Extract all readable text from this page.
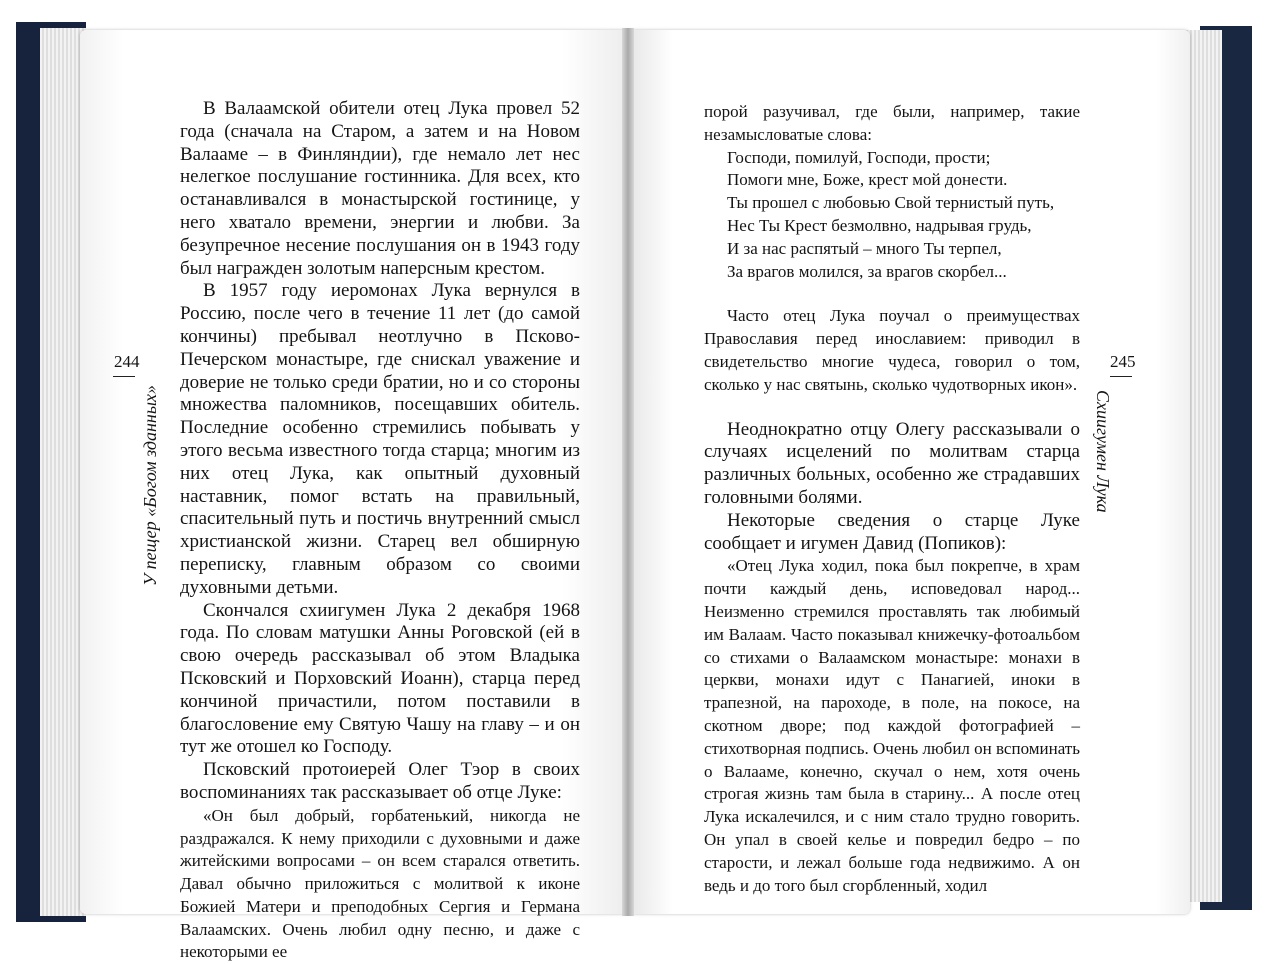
244
У пещер «Богом зданных»

В Валаамской обители отец Лука провел 52 года (сначала на Старом, а затем и на Новом Валааме – в Финляндии), где немало лет нес нелегкое послушание гостинника. Для всех, кто останавливался в монастырской гостинице, у него хватало времени, энергии и любви. За безупречное несение послушания он в 1943 году был награжден золотым наперсным крестом.

В 1957 году иеромонах Лука вернулся в Россию, после чего в течение 11 лет (до самой кончины) пребывал неотлучно в Псково-Печерском монастыре, где снискал уважение и доверие не только среди братии, но и со стороны множества паломников, посещавших обитель. Последние особенно стремились побывать у этого весьма известного тогда старца; многим из них отец Лука, как опытный духовный наставник, помог встать на правильный, спасительный путь и постичь внутренний смысл христианской жизни. Старец вел обширную переписку, главным образом со своими духовными детьми.

Скончался схиигумен Лука 2 декабря 1968 года. По словам матушки Анны Роговской (ей в свою очередь рассказывал об этом Владыка Псковский и Порховский Иоанн), старца перед кончиной причастили, потом поставили в благословение ему Святую Чашу на главу – и он тут же отошел ко Господу.

Псковский протоиерей Олег Тэор в своих воспоминаниях так рассказывает об отце Луке:

«Он был добрый, горбатенький, никогда не раздражался. К нему приходили с духовными и даже житейскими вопросами – он всем старался ответить. Давал обычно приложиться с молитвой к иконе Божией Матери и преподобных Сергия и Германа Валаамских. Очень любил одну песню, и даже с некоторыми ее

245
Схиигумен Лука

порой разучивал, где были, например, такие незамысловатые слова:

Господи, помилуй, Господи, прости;
Помоги мне, Боже, крест мой донести.
Ты прошел с любовью Свой тернистый путь,
Нес Ты Крест безмолвно, надрывая грудь,
И за нас распятый – много Ты терпел,
За врагов молился, за врагов скорбел...

Часто отец Лука поучал о преимуществах Православия перед инославием: приводил в свидетельство многие чудеса, говорил о том, сколько у нас святынь, сколько чудотворных икон».

Неоднократно отцу Олегу рассказывали о случаях исцелений по молитвам старца различных больных, особенно же страдавших головными болями.

Некоторые сведения о старце Луке сообщает и игумен Давид (Попиков):

«Отец Лука ходил, пока был покрепче, в храм почти каждый день, исповедовал народ... Неизменно стремился проставлять так любимый им Валаам. Часто показывал книжечку-фотоальбом со стихами о Валаамском монастыре: монахи в церкви, монахи идут с Панагией, иноки в трапезной, на пароходе, в поле, на покосе, на скотном дворе; под каждой фотографией – стихотворная подпись. Очень любил он вспоминать о Валааме, конечно, скучал о нем, хотя очень строгая жизнь там была в старину... А после отец Лука искалечился, и с ним стало трудно говорить. Он упал в своей келье и повредил бедро – по старости, и лежал больше года недвижимо. А он ведь и до того был сгорбленный, ходил
